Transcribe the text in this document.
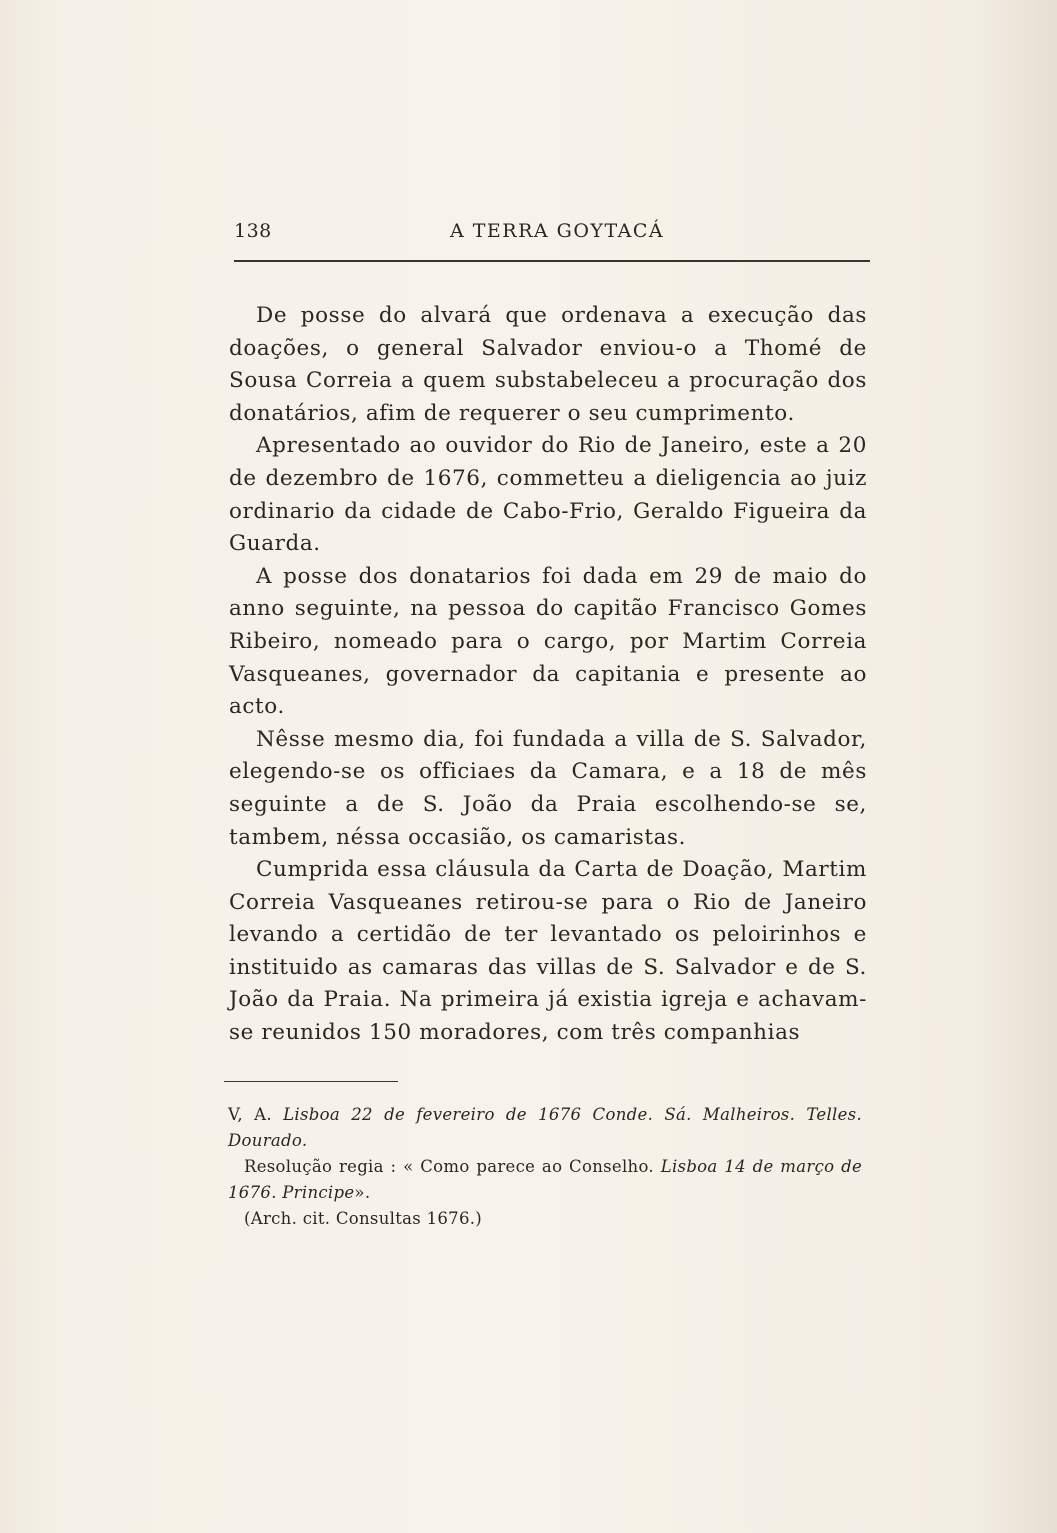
138	A TERRA GOYTACÁ

De posse do alvará que ordenava a execução das doações, o general Salvador enviou-o a Thomé de Sousa Correia a quem substabeleceu a procuração dos donatários, afim de requerer o seu cumprimento.

Apresentado ao ouvidor do Rio de Janeiro, este a 20 de dezembro de 1676, commetteu a dieligencia ao juiz ordinario da cidade de Cabo-Frio, Geraldo Figueira da Guarda.

A posse dos donatarios foi dada em 29 de maio do anno seguinte, na pessoa do capitão Francisco Gomes Ribeiro, nomeado para o cargo, por Martim Correia Vasqueanes, governador da capitania e presente ao acto.

Nêsse mesmo dia, foi fundada a villa de S. Salvador, elegendo-se os officiaes da Camara, e a 18 de mês seguinte a de S. João da Praia escolhendo-se se, tambem, néssa occasião, os camaristas.

Cumprida essa cláusula da Carta de Doação, Martim Correia Vasqueanes retirou-se para o Rio de Janeiro levando a certidão de ter levantado os peloirinhos e instituido as camaras das villas de S. Salvador e de S. João da Praia. Na primeira já existia igreja e achavam-se reunidos 150 moradores, com três companhias

V, A. Lisboa 22 de fevereiro de 1676 Conde. Sá. Malheiros. Telles. Dourado.

Resolução regia : « Como parece ao Conselho. Lisboa 14 de março de 1676. Principe».

(Arch. cit. Consultas 1676.)
